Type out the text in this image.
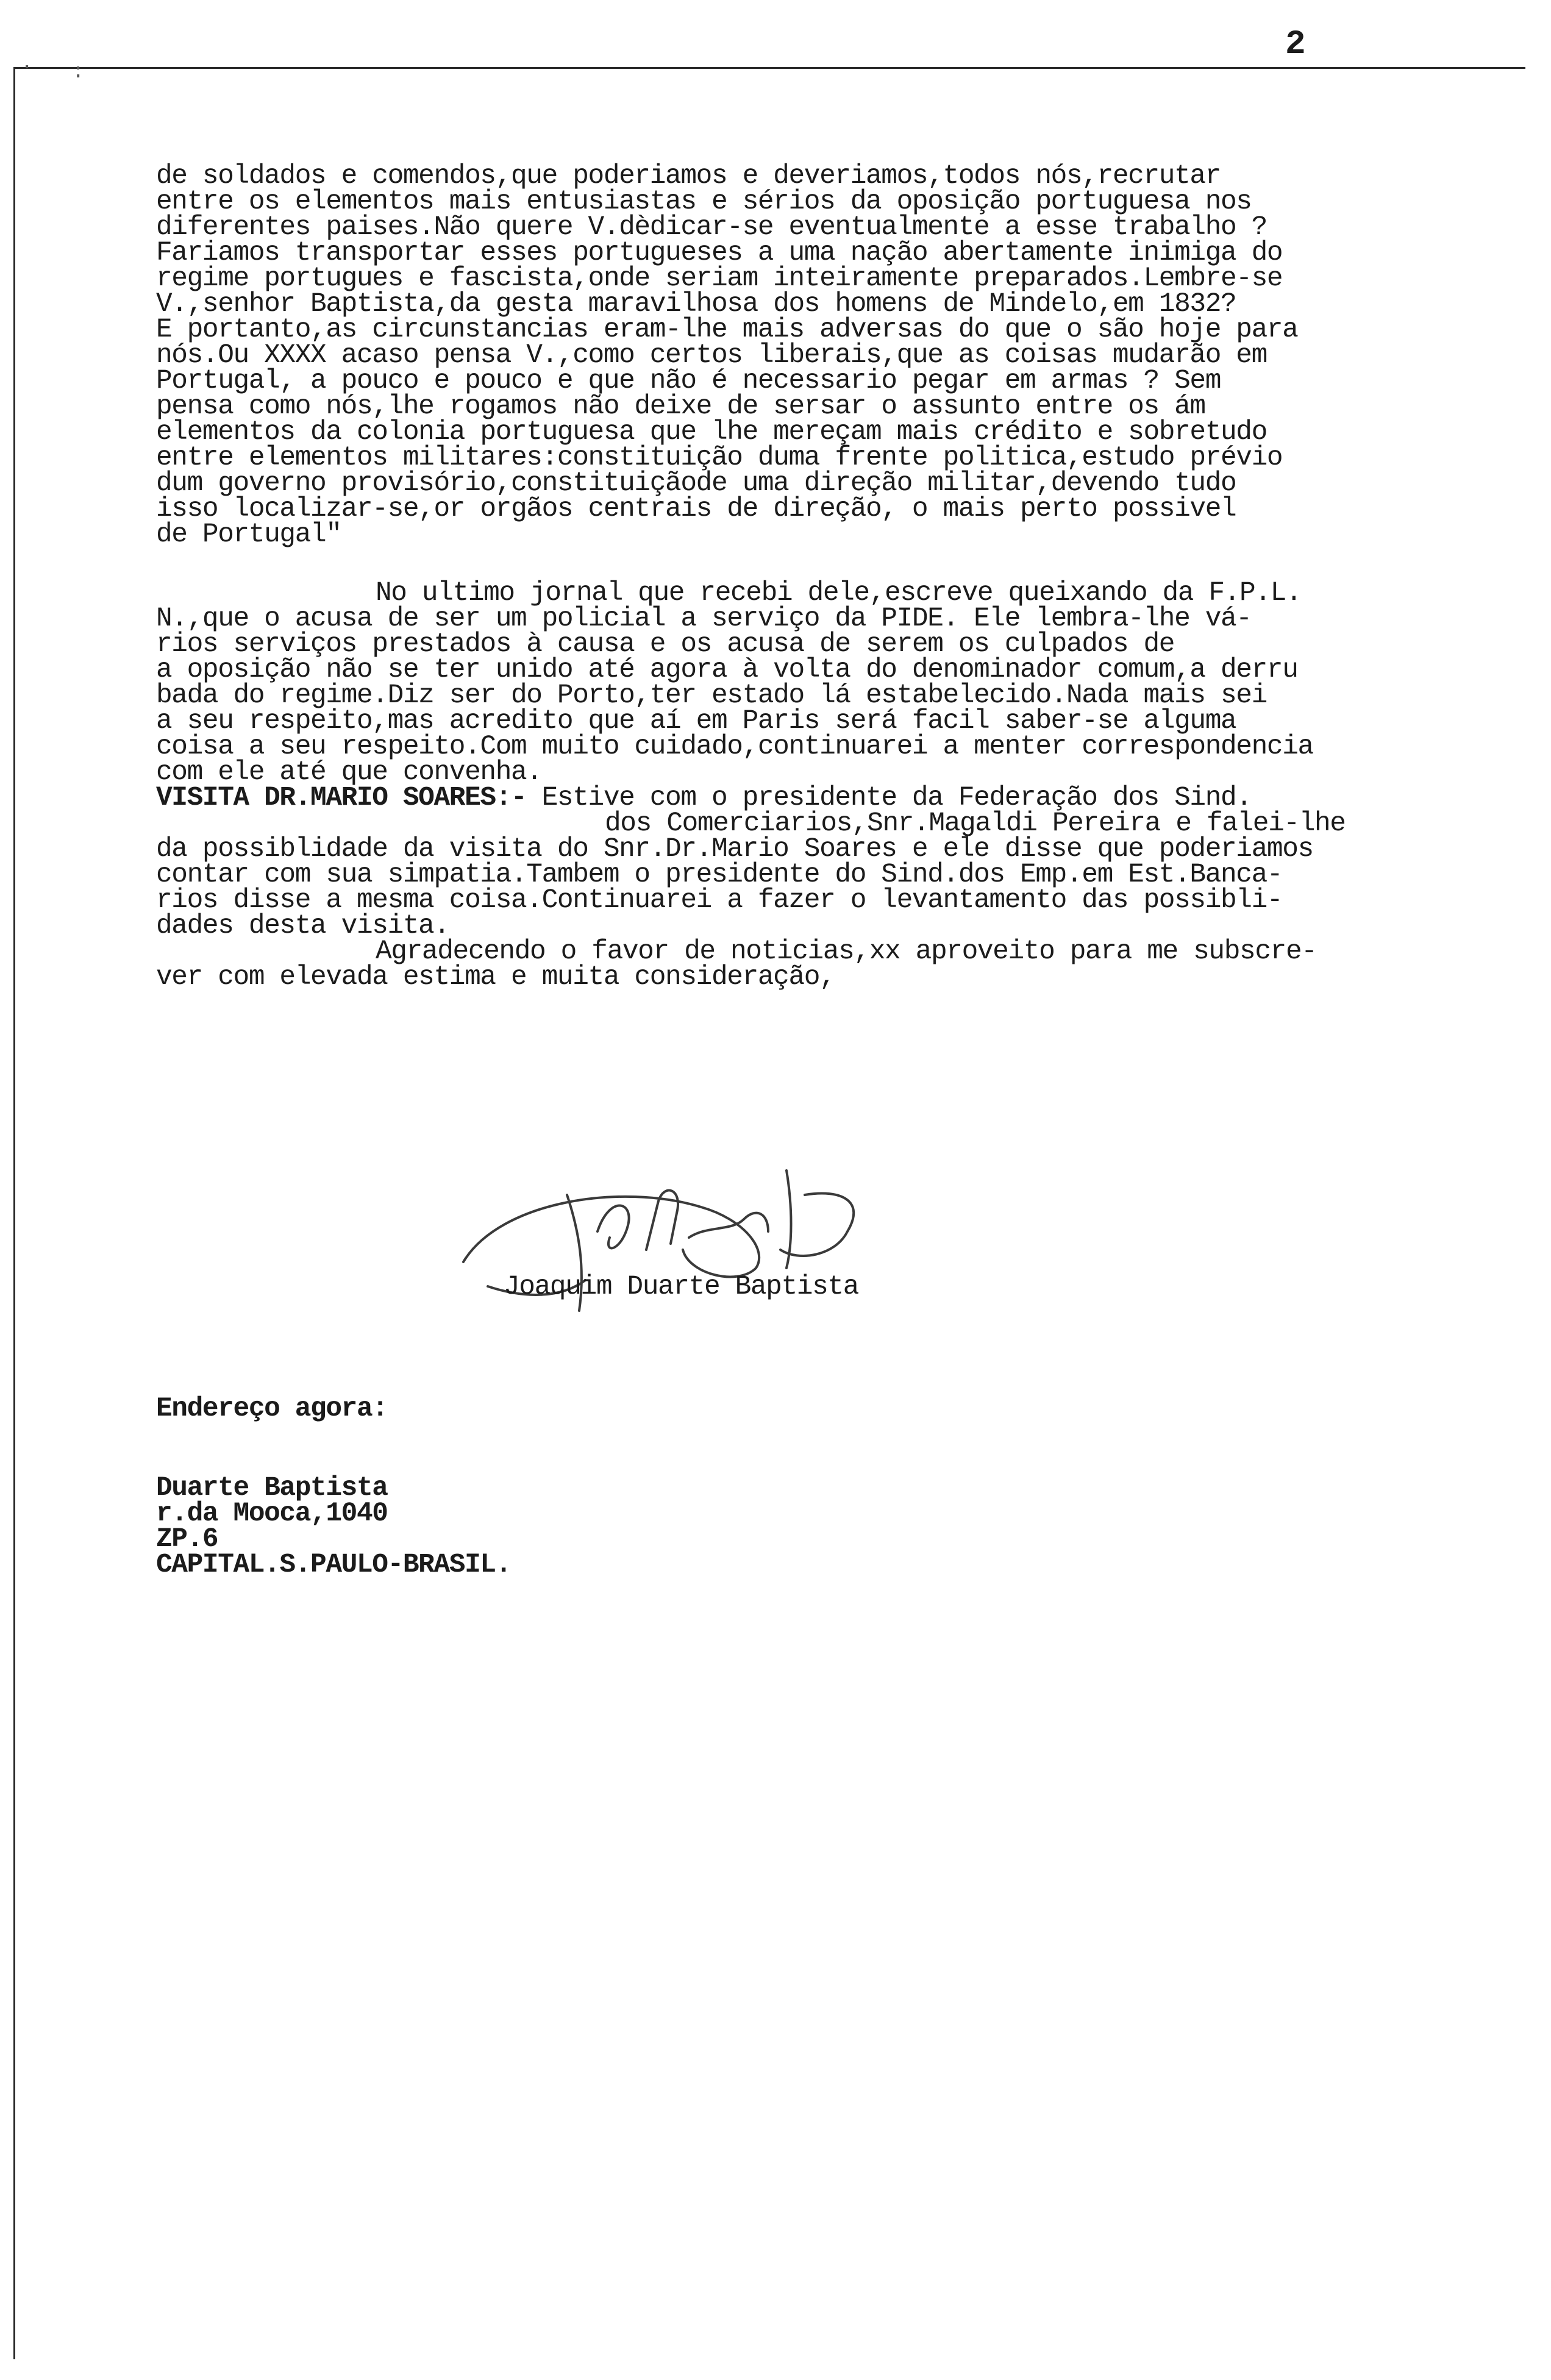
· :
2
de soldados e comendos,que poderiamos e deveriamos,todos nós,recrutar
entre os elementos mais entusiastas e sérios da oposição portuguesa nos
diferentes paises.Não quere V.dèdicar-se eventualmente a esse trabalho ?
Fariamos transportar esses portugueses a uma nação abertamente inimiga do
regime portugues e fascista,onde seriam inteiramente preparados.Lembre-se
V.,senhor Baptista,da gesta maravilhosa dos homens de Mindelo,em 1832?
E portanto,as circunstancias eram-lhe mais adversas do que o são hoje para
nós.Ou XXXX acaso pensa V.,como certos liberais,que as coisas mudarão em
Portugal, a pouco e pouco e que não é necessario pegar em armas ? Sem
pensa como nós,lhe rogamos não deixe de sersar o assunto entre os ám
elementos da colonia portuguesa que lhe mereçam mais crédito e sobretudo
entre elementos militares:constituição duma frente politica,estudo prévio
dum governo provisório,constituiçãode uma direção militar,devendo tudo
isso localizar-se,or orgãos centrais de direção, o mais perto possivel
de Portugal"
No ultimo jornal que recebi dele,escreve queixando da F.P.L.
N.,que o acusa de ser um policial a serviço da PIDE. Ele lembra-lhe vá-
rios serviços prestados à causa e os acusa de serem os culpados de
a oposição não se ter unido até agora à volta do denominador comum,a derru
bada do regime.Diz ser do Porto,ter estado lá estabelecido.Nada mais sei
a seu respeito,mas acredito que aí em Paris será facil saber-se alguma
coisa a seu respeito.Com muito cuidado,continuarei a menter correspondencia
com ele até que convenha.
VISITA DR.MARIO SOARES:- Estive com o presidente da Federação dos Sind.
dos Comerciarios,Snr.Magaldi Pereira e falei-lhe
da possiblidade da visita do Snr.Dr.Mario Soares e ele disse que poderiamos
contar com sua simpatia.Tambem o presidente do Sind.dos Emp.em Est.Banca-
rios disse a mesma coisa.Continuarei a fazer o levantamento das possibli-
dades desta visita.
Agradecendo o favor de noticias,xx aproveito para me subscre-
ver com elevada estima e muita consideração,
Joaquim Duarte Baptista
Endereço agora:
Duarte Baptista
r.da Mooca,1040
ZP.6
CAPITAL.S.PAULO-BRASIL.
